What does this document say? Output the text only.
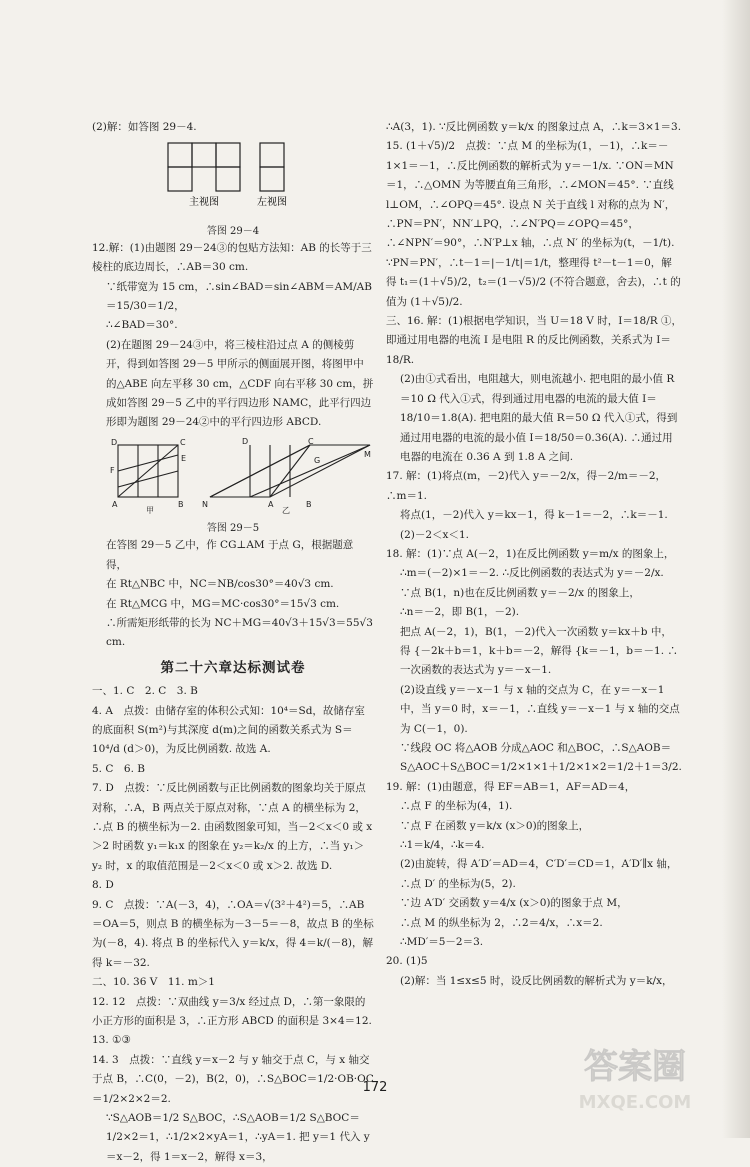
(2)解：如答图 29－4.

主视图	左视图
答图 29－4

12.解：(1)由题图 29－24③的包贴方法知：AB 的长等于三棱柱的底边周长，∴AB＝30 cm.

∵纸带宽为 15 cm，∴sin∠BAD＝sin∠ABM＝AM/AB＝15/30＝1/2，

∴∠BAD＝30°.

(2)在题图 29－24③中，将三棱柱沿过点 A 的侧棱剪开，得到如答图 29－5 甲所示的侧面展开图，将图甲中的△ABE 向左平移 30 cm，△CDF 向右平移 30 cm，拼成如答图 29－5 乙中的平行四边形 NAMC，此平行四边形即为题图 29－24②中的平行四边形 ABCD.

D	C
F
E
A	B
甲
D	C
G
M
N	A	B
乙
答图 29－5

在答图 29－5 乙中，作 CG⊥AM 于点 G，根据题意得，

在 Rt△NBC 中，NC＝NB/cos30°＝40√3 cm.

在 Rt△MCG 中，MG＝MC·cos30°＝15√3 cm.

∴所需矩形纸带的长为 NC＋MG＝40√3＋15√3＝55√3 cm.

第二十六章达标测试卷

一、1. C　2. C　3. B

4. A　点拨：由储存室的体积公式知：10⁴＝Sd，故储存室的底面积 S(m²)与其深度 d(m)之间的函数关系式为 S＝10⁴/d (d＞0)，为反比例函数. 故选 A.

5. C　6. B

7. D　点拨：∵反比例函数与正比例函数的图象均关于原点对称，∴A，B 两点关于原点对称，∵点 A 的横坐标为 2，∴点 B 的横坐标为－2. 由函数图象可知，当－2＜x＜0 或 x＞2 时函数 y₁＝k₁x 的图象在 y₂＝k₂/x 的上方，∴当 y₁＞y₂ 时，x 的取值范围是－2＜x＜0 或 x＞2. 故选 D.

8. D

9. C　点拨：∵A(－3，4)，∴OA＝√(3²＋4²)＝5，∴AB＝OA＝5，则点 B 的横坐标为－3－5＝－8，故点 B 的坐标为(－8，4). 将点 B 的坐标代入 y＝k/x，得 4＝k/(－8)，解得 k＝－32.

二、10. 36 V　11. m＞1

12. 12　点拨：∵双曲线 y＝3/x 经过点 D，∴第一象限的小正方形的面积是 3，∴正方形 ABCD 的面积是 3×4＝12.

13. ①③

14. 3　点拨：∵直线 y＝x－2 与 y 轴交于点 C，与 x 轴交于点 B，∴C(0，－2)，B(2，0)，∴S△BOC＝1/2·OB·OC＝1/2×2×2＝2.

∵S△AOB＝1/2 S△BOC，∴S△AOB＝1/2 S△BOC＝1/2×2＝1，∴1/2×2×yA＝1，∴yA＝1. 把 y＝1 代入 y＝x－2，得 1＝x－2，解得 x＝3，

∴A(3，1). ∵反比例函数 y＝k/x 的图象过点 A，∴k＝3×1＝3.

15. (1＋√5)/2　点拨：∵点 M 的坐标为(1，－1)，∴k＝－1×1＝－1，∴反比例函数的解析式为 y＝－1/x. ∵ON＝MN＝1，∴△OMN 为等腰直角三角形，∴∠MON＝45°. ∵直线 l⊥OM，∴∠OPQ＝45°. 设点 N 关于直线 l 对称的点为 N′，∴PN＝PN′，NN′⊥PQ，∴∠N′PQ＝∠OPQ＝45°，∴∠NPN′＝90°，∴N′P⊥x 轴，∴点 N′ 的坐标为(t，－1/t). ∵PN＝PN′，∴t－1＝|－1/t|＝1/t，整理得 t²－t－1＝0，解得 t₁＝(1＋√5)/2，t₂＝(1－√5)/2 (不符合题意，舍去)，∴t 的值为 (1＋√5)/2.

三、16. 解：(1)根据电学知识，当 U＝18 V 时，I＝18/R ①，即通过用电器的电流 I 是电阻 R 的反比例函数，关系式为 I＝18/R.

(2)由①式看出，电阻越大，则电流越小. 把电阻的最小值 R＝10 Ω 代入①式，得到通过用电器的电流的最大值 I＝18/10＝1.8(A). 把电阻的最大值 R＝50 Ω 代入①式，得到通过用电器的电流的最小值 I＝18/50＝0.36(A). ∴通过用电器的电流在 0.36 A 到 1.8 A 之间.

17. 解：(1)将点(m，－2)代入 y＝－2/x，得－2/m＝－2，∴m＝1.

将点(1，－2)代入 y＝kx－1，得 k－1＝－2，∴k＝－1.

(2)－2＜x＜1.

18. 解：(1)∵点 A(－2，1)在反比例函数 y＝m/x 的图象上，

∴m＝(－2)×1＝－2. ∴反比例函数的表达式为 y＝－2/x.

∵点 B(1，n)也在反比例函数 y＝－2/x 的图象上，

∴n＝－2，即 B(1，－2).

把点 A(－2，1)，B(1，－2)代入一次函数 y＝kx＋b 中，得 {－2k＋b＝1，k＋b＝－2，解得 {k＝－1，b＝－1. ∴一次函数的表达式为 y＝－x－1.

(2)设直线 y＝－x－1 与 x 轴的交点为 C，在 y＝－x－1 中，当 y＝0 时，x＝－1，∴直线 y＝－x－1 与 x 轴的交点为 C(－1，0).

∵线段 OC 将△AOB 分成△AOC 和△BOC，∴S△AOB＝S△AOC＋S△BOC＝1/2×1×1＋1/2×1×2＝1/2＋1＝3/2.

19. 解：(1)由题意，得 EF＝AB＝1，AF＝AD＝4，

∴点 F 的坐标为(4，1).

∵点 F 在函数 y＝k/x (x＞0)的图象上，

∴1＝k/4，∴k＝4.

(2)由旋转，得 A′D′＝AD＝4，C′D′＝CD＝1，A′D′∥x 轴，

∴点 D′ 的坐标为(5，2).

∵边 A′D′ 交函数 y＝4/x (x＞0)的图象于点 M，

∴点 M 的纵坐标为 2，∴2＝4/x，∴x＝2.

∴MD′＝5－2＝3.

20. (1)5

(2)解：当 1≤x≤5 时，设反比例函数的解析式为 y＝k/x，

172
答案圈
MXQE.COM
